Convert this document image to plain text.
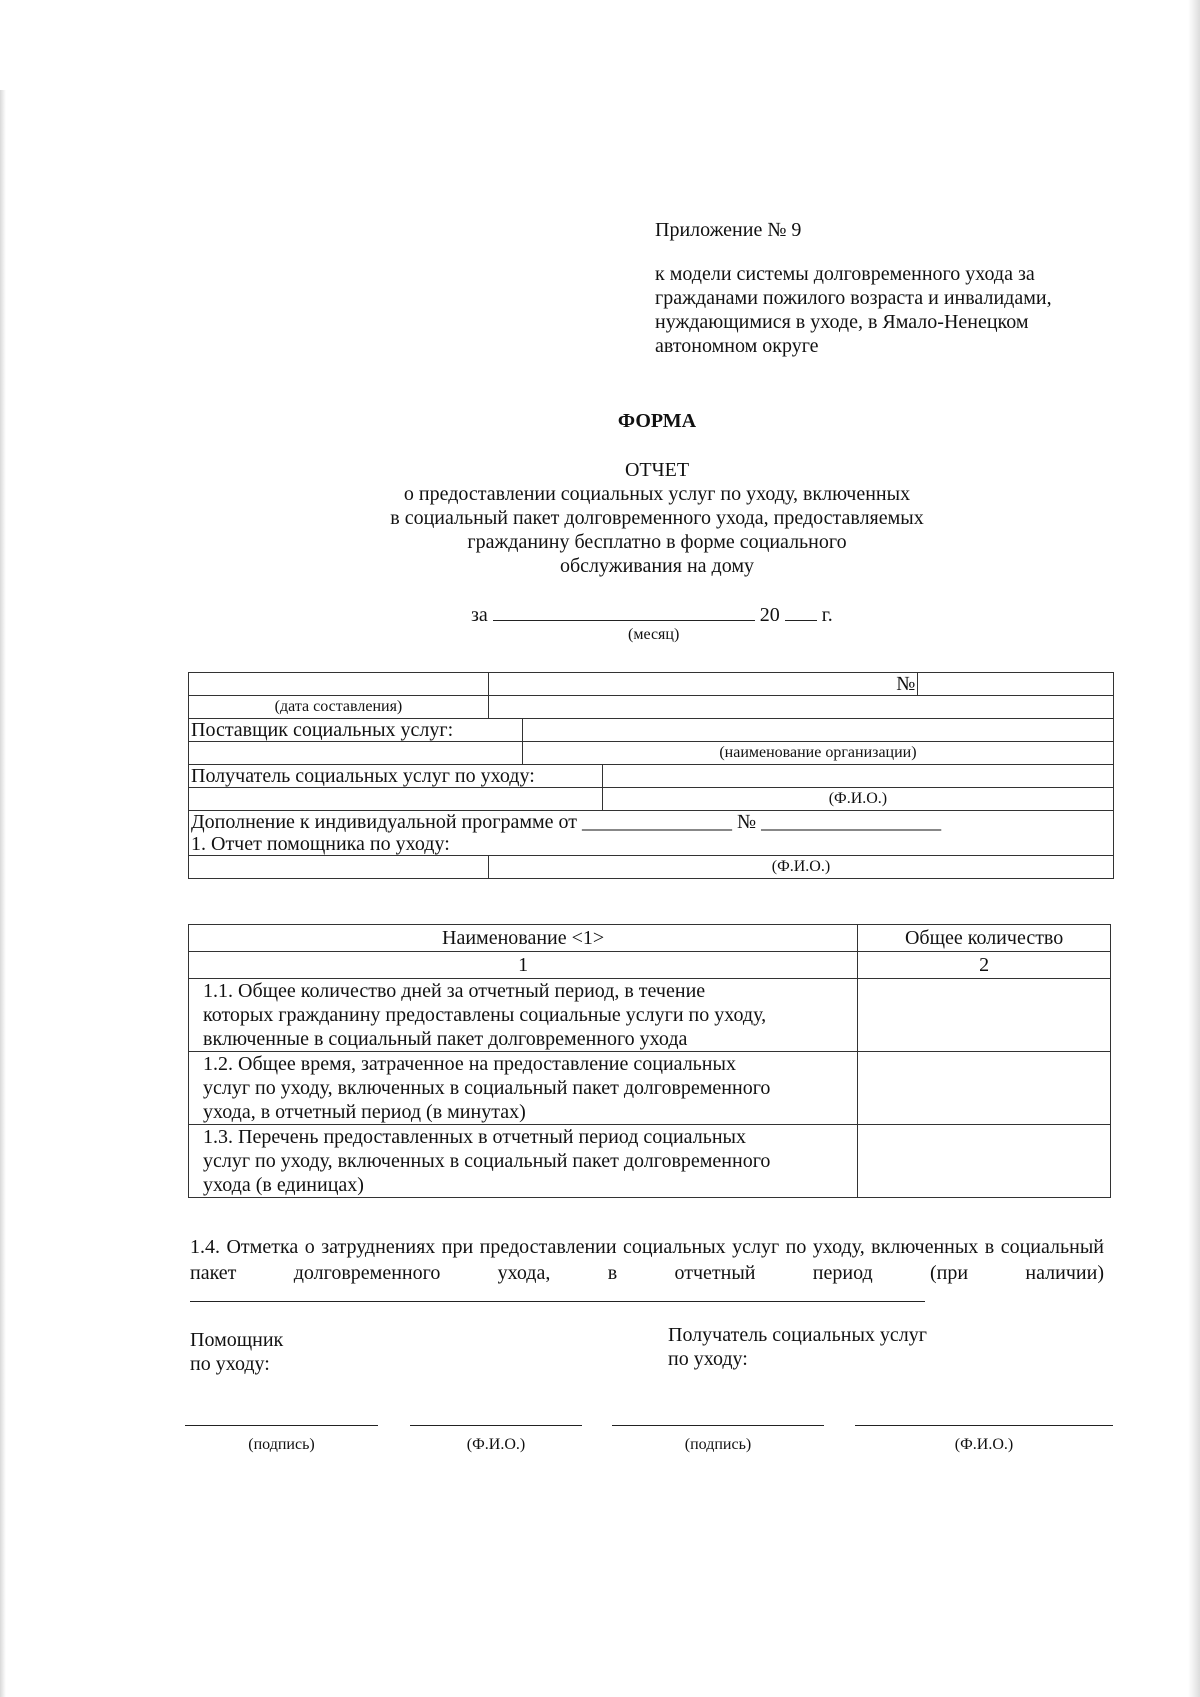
Приложение № 9
к модели системы долговременного ухода за
гражданами пожилого возраста и инвалидами,
нуждающимися в уходе, в Ямало-Ненецком
автономном округе
ФОРМА
ОТЧЕТ
о предоставлении социальных услуг по уходу, включенных
в социальный пакет долговременного ухода, предоставляемых
гражданину бесплатно в форме социального
обслуживания на дому
за	20 г.
(месяц)
	№			
(дата составления)				
Поставщик социальных услуг:				
		(наименование организации)		
Получатель социальных услуг по уходу:				
			(Ф.И.О.)	
Дополнение к индивидуальной программе от _______________ № __________________				
1. Отчет помощника по уходу:				
	(Ф.И.О.)			
Наименование <1>	Общее количество
1	2

1.1. Общее количество дней за отчетный период, в течение
которых гражданину предоставлены социальные услуги по уходу,
включенные в социальный пакет долговременного ухода	

1.2. Общее время, затраченное на предоставление социальных
услуг по уходу, включенных в социальный пакет долговременного
ухода, в отчетный период (в минутах)	

1.3. Перечень предоставленных в отчетный период социальных
услуг по уходу, включенных в социальный пакет долговременного
ухода (в единицах)	

1.4. Отметка о затруднениях при предоставлении социальных услуг по уходу, включенных в социальный пакет долговременного ухода, в отчетный период (при наличии)
Помощник
по уходу:
Получатель социальных услуг
по уходу:
(подпись)	(Ф.И.О.)	(подпись)	(Ф.И.О.)
